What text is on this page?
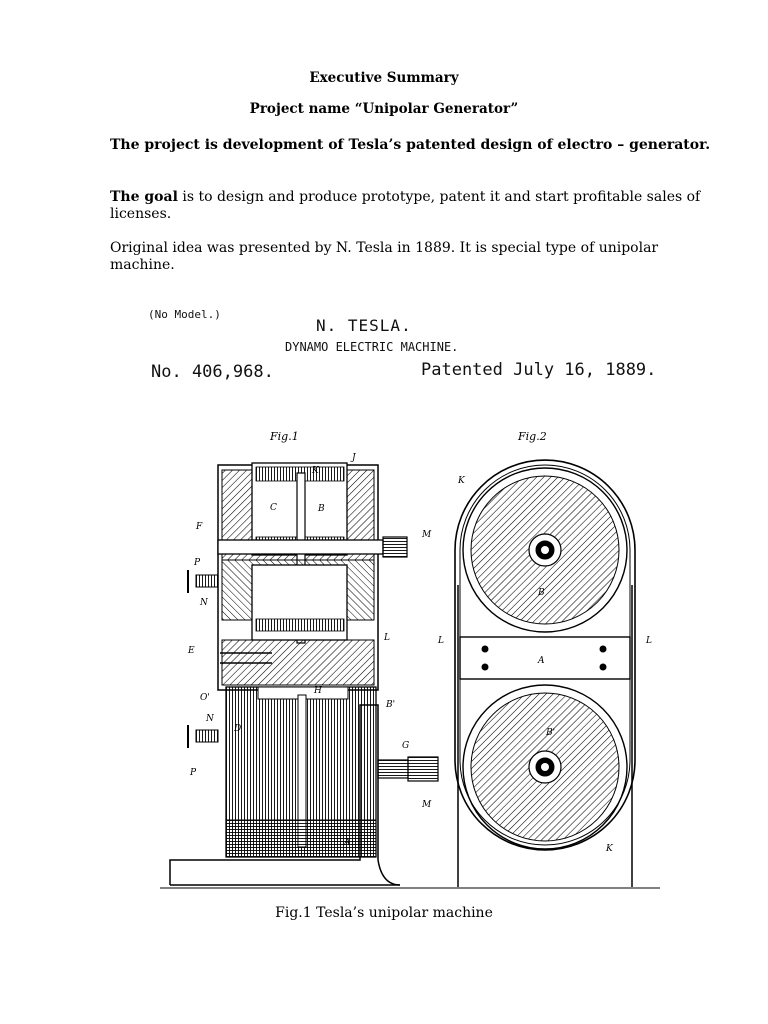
Executive Summary
Project name “Unipolar Generator”
The project is development of Tesla’s patented design of electro – generator.
The goal is to design and produce prototype, patent it and start profitable sales of licenses.
Original idea was presented by N. Tesla in 1889. It is special type of unipolar machine.
(No Model.)
N. TESLA.
DYNAMO ELECTRIC MACHINE.
No. 406,968.	Patented July 16, 1889.
Fig.1
J
K
C	B
F
P
N
M
E
L
O'
H
B'
N
D
G
P
M
A
Fig.2
K
B
L	L
A
B'
K
Fig.1 Tesla’s unipolar machine
